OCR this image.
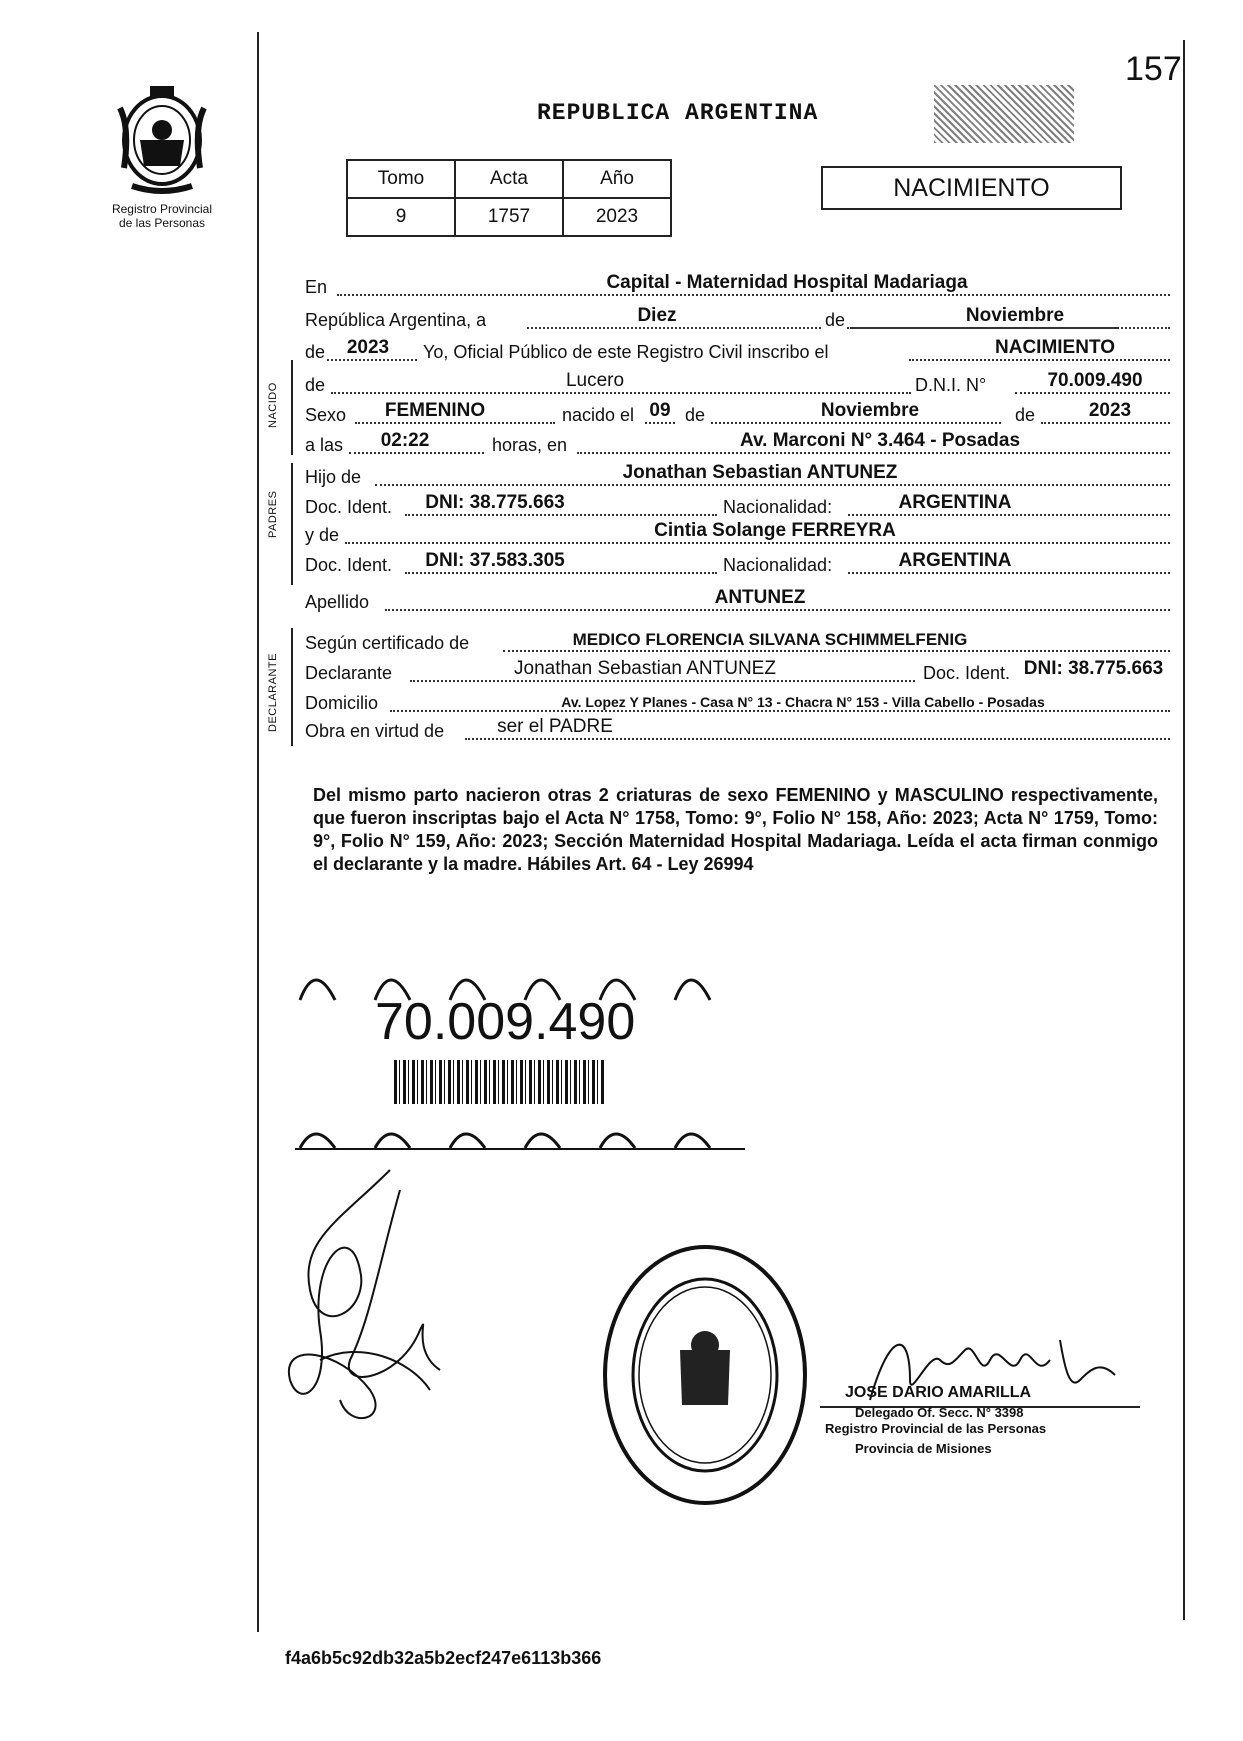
157
Registro Provincial
de las Personas
REPUBLICA ARGENTINA
Tomo	Acta	Año
9	1757	2023
NACIMIENTO
En	Capital - Maternidad Hospital Madariaga
República Argentina, a	Diez	de	Noviembre
de	2023	Yo, Oficial Público de este Registro Civil inscribo el	NACIMIENTO
NACIDO de	Lucero	D.N.I. N°	70.009.490
Sexo	FEMENINO	nacido el 09 de	Noviembre	de	2023
a las	02:22	horas, en	Av. Marconi N° 3.464 - Posadas
PADRES
Hijo de	Jonathan Sebastian ANTUNEZ
Doc. Ident.	DNI: 38.775.663	Nacionalidad:	ARGENTINA
y de	Cintia Solange FERREYRA
Doc. Ident.	DNI: 37.583.305	Nacionalidad:	ARGENTINA
Apellido	ANTUNEZ
DECLARANTE
Según certificado de	MEDICO FLORENCIA SILVANA SCHIMMELFENIG
Declarante	Jonathan Sebastian ANTUNEZ	Doc. Ident. DNI: 38.775.663
Domicilio	Av. Lopez Y Planes - Casa N° 13 - Chacra N° 153 - Villa Cabello - Posadas
Obra en virtud de	ser el PADRE
Del mismo parto nacieron otras 2 criaturas de sexo FEMENINO y MASCULINO respectivamente, que fueron inscriptas bajo el Acta N° 1758, Tomo: 9°, Folio N° 158, Año: 2023; Acta N° 1759, Tomo: 9°, Folio N° 159, Año: 2023; Sección Maternidad Hospital Madariaga. Leída el acta firman conmigo el declarante y la madre. Hábiles Art. 64 - Ley 26994
70.009.490
JOSE DARIO AMARILLA
Delegado Of. Secc. N° 3398
Registro Provincial de las Personas
Provincia de Misiones
f4a6b5c92db32a5b2ecf247e6113b366
